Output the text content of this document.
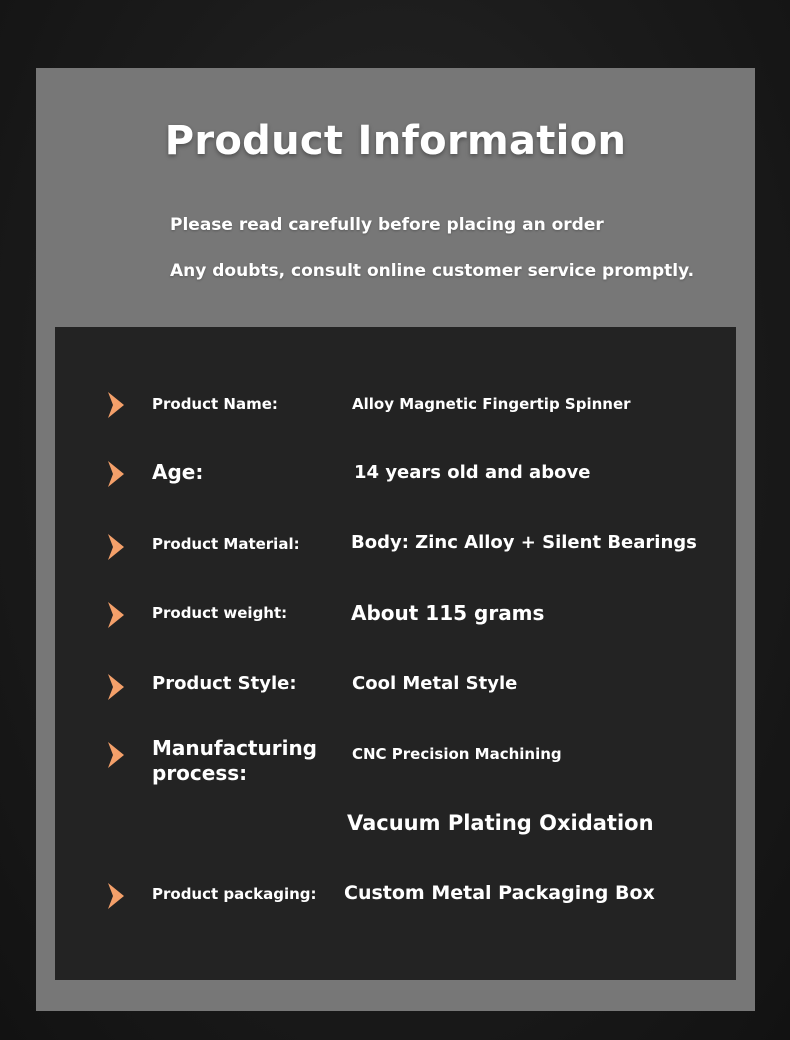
Product Information
Please read carefully before placing an order
Any doubts, consult online customer service promptly.
Product Name:	Alloy Magnetic Fingertip Spinner
Age:	14 years old and above
Product Material:	Body: Zinc Alloy + Silent Bearings
Product weight:	About 115 grams
Product Style:	Cool Metal Style
Manufacturing process:
CNC Precision Machining
Vacuum Plating Oxidation
Product packaging: Custom Metal Packaging Box
